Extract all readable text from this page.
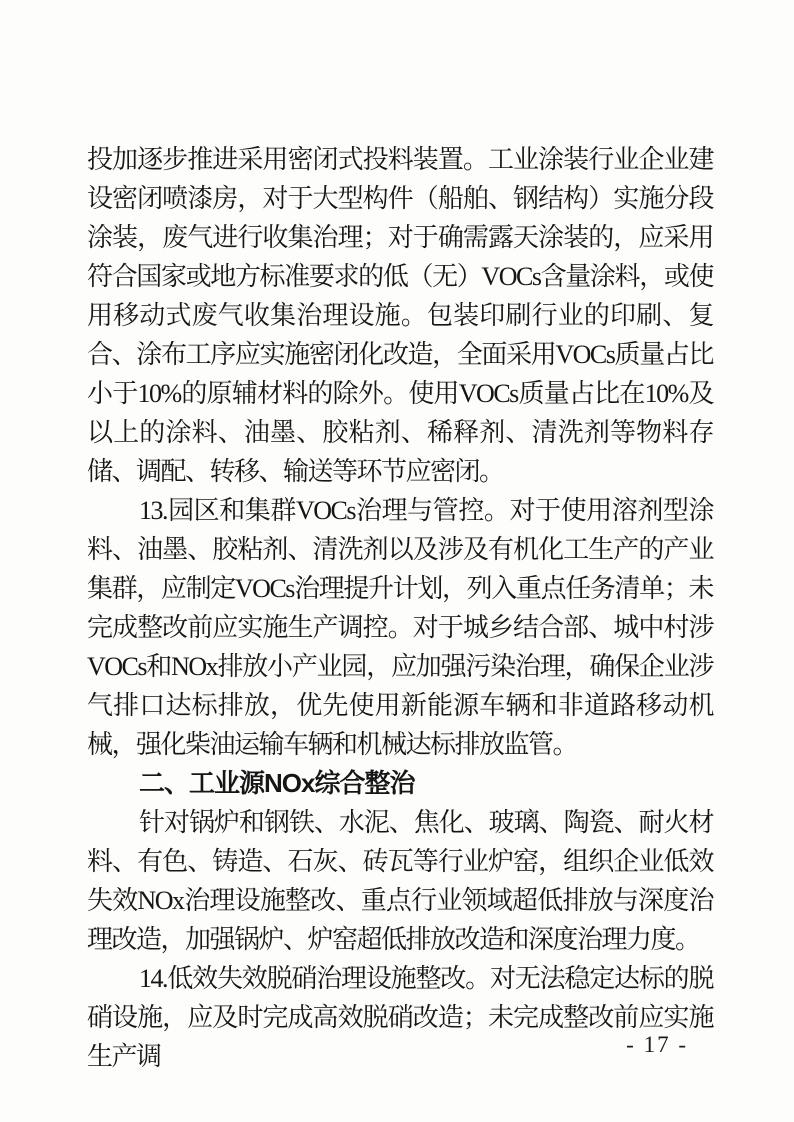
投加逐步推进采用密闭式投料装置。工业涂装行业企业建设密闭喷漆房，对于大型构件（船舶、钢结构）实施分段涂装，废气进行收集治理；对于确需露天涂装的，应采用符合国家或地方标准要求的低（无）VOCs含量涂料，或使用移动式废气收集治理设施。包装印刷行业的印刷、复合、涂布工序应实施密闭化改造，全面采用VOCs质量占比小于10%的原辅材料的除外。使用VOCs质量占比在10%及以上的涂料、油墨、胶粘剂、稀释剂、清洗剂等物料存储、调配、转移、输送等环节应密闭。

13.园区和集群VOCs治理与管控。对于使用溶剂型涂料、油墨、胶粘剂、清洗剂以及涉及有机化工生产的产业集群，应制定VOCs治理提升计划，列入重点任务清单；未完成整改前应实施生产调控。对于城乡结合部、城中村涉VOCs和NOx排放小产业园，应加强污染治理，确保企业涉气排口达标排放，优先使用新能源车辆和非道路移动机械，强化柴油运输车辆和机械达标排放监管。

二、工业源NOx综合整治

针对锅炉和钢铁、水泥、焦化、玻璃、陶瓷、耐火材料、有色、铸造、石灰、砖瓦等行业炉窑，组织企业低效失效NOx治理设施整改、重点行业领域超低排放与深度治理改造，加强锅炉、炉窑超低排放改造和深度治理力度。

14.低效失效脱硝治理设施整改。对无法稳定达标的脱硝设施，应及时完成高效脱硝改造；未完成整改前应实施生产调	- 17 -
